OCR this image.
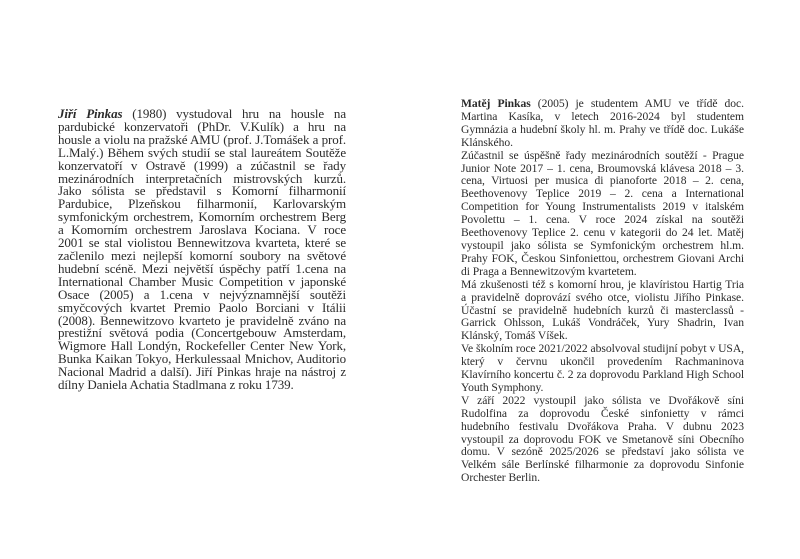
Jiří Pinkas (1980) vystudoval hru na housle na pardubické konzervatoři (PhDr. V.Kulík) a hru na housle a violu na pražské AMU (prof. J.Tomášek a prof. L.Malý.) Během svých studií se stal laureátem Soutěže konzervatoří v Ostravě (1999) a zúčastnil se řady mezinárodních interpretačních mistrovských kurzů. Jako sólista se představil s Komorní filharmonií Pardubice, Plzeňskou filharmonií, Karlovarským symfonickým orchestrem, Komorním orchestrem Berg a Komorním orchestrem Jaroslava Kociana. V roce 2001 se stal violistou Bennewitzova kvarteta, které se začlenilo mezi nejlepší komorní soubory na světové hudební scéně. Mezi největší úspěchy patří 1.cena na International Chamber Music Competition v japonské Osace (2005) a 1.cena v nejvýznamnější soutěži smyčcových kvartet Premio Paolo Borciani v Itálii (2008). Bennewitzovo kvarteto je pravidelně zváno na prestižní světová podia (Concertgebouw Amsterdam, Wigmore Hall Londýn, Rockefeller Center New York, Bunka Kaikan Tokyo, Herkulessaal Mnichov, Auditorio Nacional Madrid a další). Jiří Pinkas hraje na nástroj z dílny Daniela Achatia Stadlmana z roku 1739.

Matěj Pinkas (2005) je studentem AMU ve třídě doc. Martina Kasíka, v letech 2016-2024 byl studentem Gymnázia a hudební školy hl. m. Prahy ve třídě doc. Lukáše Klánského.

Zúčastnil se úspěšně řady mezinárodních soutěží - Prague Junior Note 2017 – 1. cena, Broumovská klávesa 2018 – 3. cena, Virtuosi per musica di pianoforte 2018 – 2. cena, Beethovenovy Teplice 2019 – 2. cena a International Competition for Young Instrumentalists 2019 v italském Povolettu – 1. cena. V roce 2024 získal na soutěži Beethovenovy Teplice 2. cenu v kategorii do 24 let. Matěj vystoupil jako sólista se Symfonickým orchestrem hl.m. Prahy FOK, Českou Sinfoniettou, orchestrem Giovani Archi di Praga a Bennewitzovým kvartetem.

Má zkušenosti též s komorní hrou, je klavíristou Hartig Tria a pravidelně doprovází svého otce, violistu Jiřího Pinkase. Účastní se pravidelně hudebních kurzů či masterclassů - Garrick Ohlsson, Lukáš Vondráček, Yury Shadrin, Ivan Klánský, Tomáš Víšek.

Ve školním roce 2021/2022 absolvoval studijní pobyt v USA, který v červnu ukončil provedením Rachmaninova Klavírního koncertu č. 2 za doprovodu Parkland High School Youth Symphony.

V září 2022 vystoupil jako sólista ve Dvořákově síni Rudolfina za doprovodu České sinfonietty v rámci hudebního festivalu Dvořákova Praha. V dubnu 2023 vystoupil za doprovodu FOK ve Smetanově síni Obecního domu. V sezóně 2025/2026 se představí jako sólista ve Velkém sále Berlínské filharmonie za doprovodu Sinfonie Orchester Berlin.
